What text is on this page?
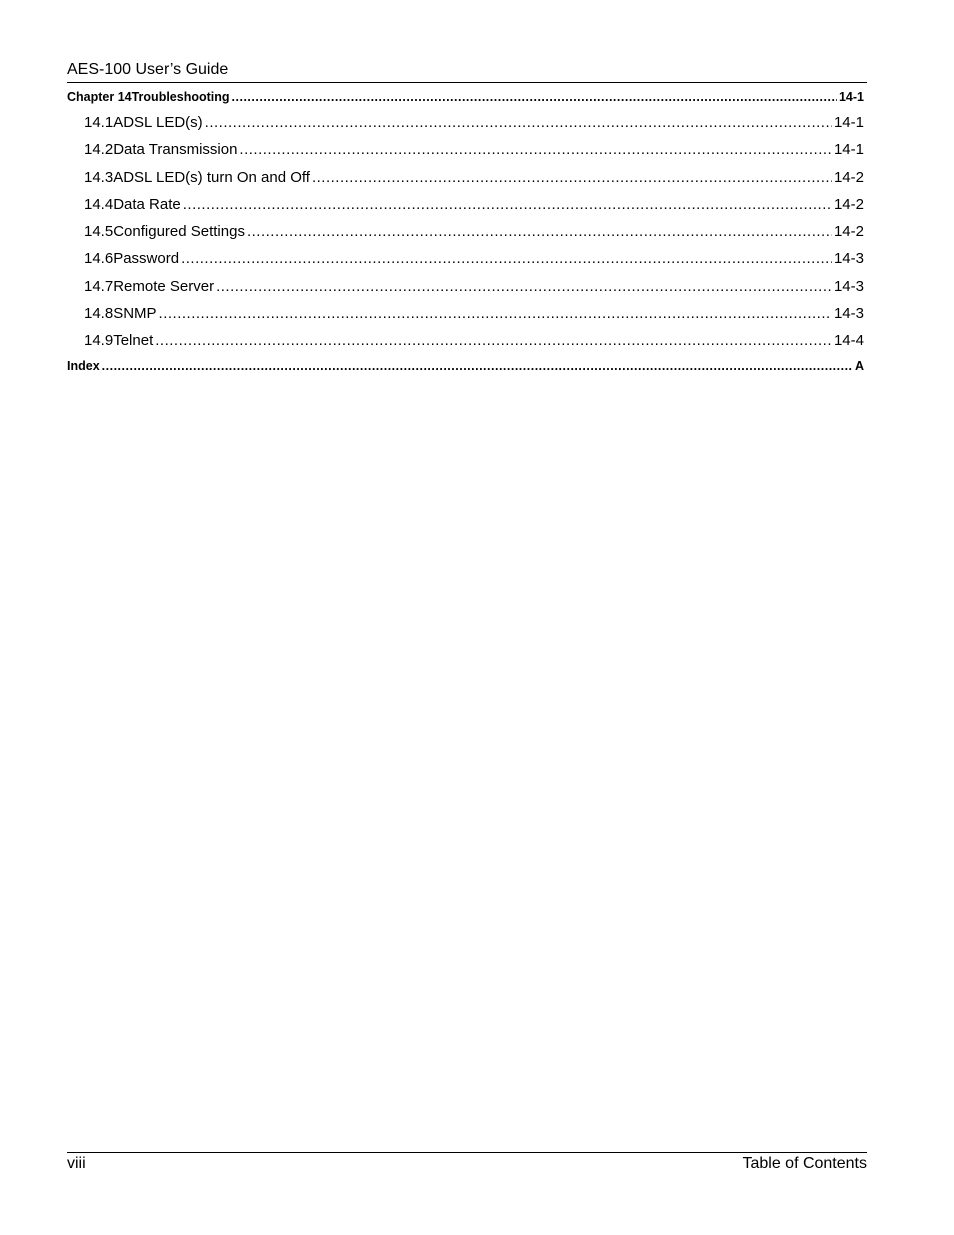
AES-100 User’s Guide
Chapter 14 Troubleshooting .....	14-1
14.1 ADSL LED(s) .....	14-1
14.2 Data Transmission .....	14-1
14.3 ADSL LED(s) turn On and Off .....	14-2
14.4 Data Rate .....	14-2
14.5 Configured Settings .....	14-2
14.6 Password .....	14-3
14.7 Remote Server .....	14-3
14.8 SNMP .....	14-3
14.9 Telnet .....	14-4
Index .....	A
viii	Table of Contents
